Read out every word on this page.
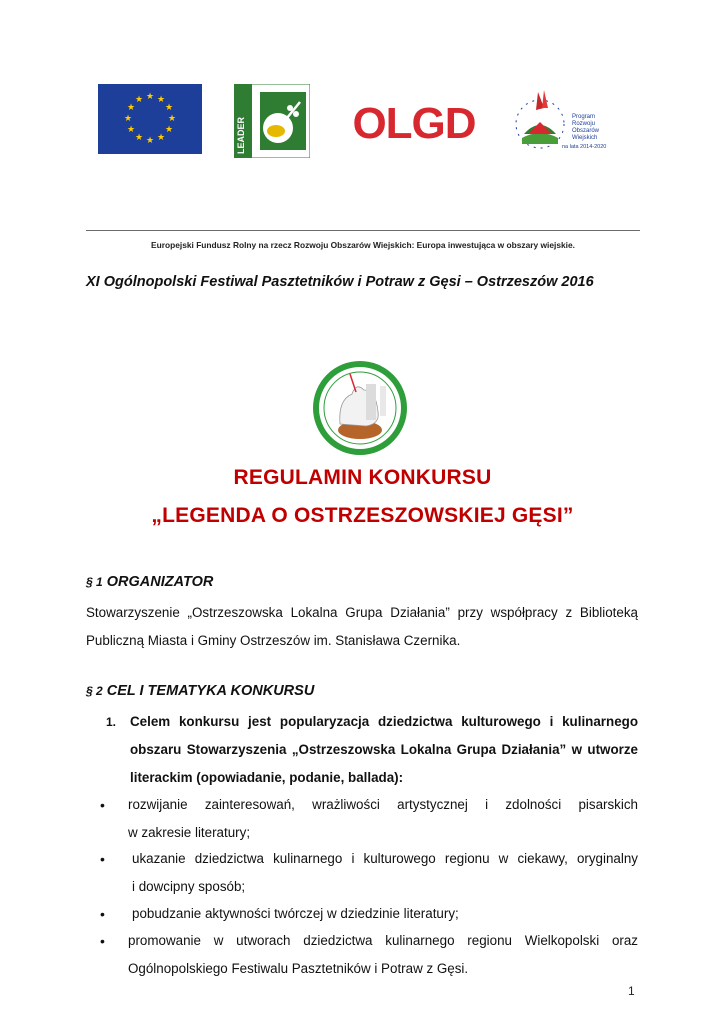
★ ★
★
★
★
★
★
★
★
★
★
★
LEADER OLGD	Program
Rozwoju
Obszarów
Wiejskich
na lata 2014-2020
Europejski Fundusz Rolny na rzecz Rozwoju Obszarów Wiejskich: Europa inwestująca w obszary wiejskie.
XI Ogólnopolski Festiwal Pasztetników i Potraw z Gęsi – Ostrzeszów 2016
REGULAMIN KONKURSU
„LEGENDA O OSTRZESZOWSKIEJ GĘSI”
§ 1 ORGANIZATOR
Stowarzyszenie „Ostrzeszowska Lokalna Grupa Działania” przy współpracy z Biblioteką
Publiczną Miasta i Gminy Ostrzeszów im. Stanisława Czernika.
§ 2 CEL I TEMATYKA KONKURSU
1.	Celem konkursu jest popularyzacja dziedzictwa kulturowego i kulinarnego
obszaru Stowarzyszenia „Ostrzeszowska Lokalna Grupa Działania” w utworze
literackim (opowiadanie, podanie, ballada):
• rozwijanie zainteresowań, wrażliwości artystycznej i zdolności pisarskich
w zakresie literatury;
• ukazanie dziedzictwa kulinarnego i kulturowego regionu w ciekawy, oryginalny
i dowcipny sposób;
• pobudzanie aktywności twórczej w dziedzinie literatury;
• promowanie w utworach dziedzictwa kulinarnego regionu Wielkopolski oraz
Ogólnopolskiego Festiwalu Pasztetników i Potraw z Gęsi.
1
